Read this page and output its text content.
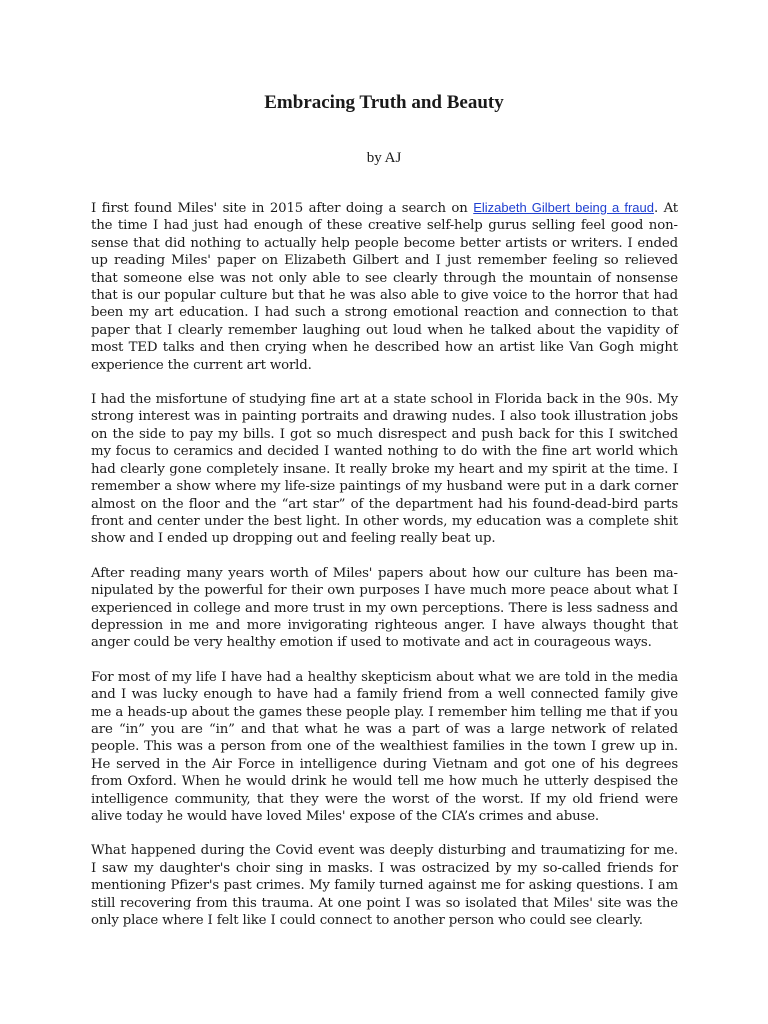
Embracing Truth and Beauty
by AJ

I first found Miles' site in 2015 after doing a search on Elizabeth Gilbert being a fraud. At the time I had just had enough of these creative self-help gurus selling feel good nonsense that did nothing to actually help people become better artists or writers. I ended up reading Miles' paper on Elizabeth Gilbert and I just remember feeling so relieved that someone else was not only able to see clearly through the mountain of nonsense that is our popular culture but that he was also able to give voice to the horror that had been my art education. I had such a strong emotional reaction and connection to that paper that I clearly remember laughing out loud when he talked about the vapidity of most TED talks and then crying when he described how an artist like Van Gogh might experience the current art world.

I had the misfortune of studying fine art at a state school in Florida back in the 90s. My strong interest was in painting portraits and drawing nudes. I also took illustration jobs on the side to pay my bills. I got so much disrespect and push back for this I switched my focus to ceramics and decided I wanted nothing to do with the fine art world which had clearly gone completely insane. It really broke my heart and my spirit at the time. I remember a show where my life-size paintings of my husband were put in a dark corner almost on the floor and the “art star” of the department had his found-dead-bird parts front and center under the best light. In other words, my education was a complete shit show and I ended up dropping out and feeling really beat up.

After reading many years worth of Miles' papers about how our culture has been manipulated by the powerful for their own purposes I have much more peace about what I experienced in college and more trust in my own perceptions. There is less sadness and depression in me and more invigorating righteous anger. I have always thought that anger could be very healthy emotion if used to motivate and act in courageous ways.

For most of my life I have had a healthy skepticism about what we are told in the media and I was lucky enough to have had a family friend from a well connected family give me a heads-up about the games these people play. I remember him telling me that if you are “in” you are “in” and that what he was a part of was a large network of related people. This was a person from one of the wealthiest families in the town I grew up in. He served in the Air Force in intelligence during Vietnam and got one of his degrees from Oxford. When he would drink he would tell me how much he utterly despised the intelligence community, that they were the worst of the worst. If my old friend were alive today he would have loved Miles' expose of the CIA’s crimes and abuse.

What happened during the Covid event was deeply disturbing and traumatizing for me. I saw my daughter's choir sing in masks. I was ostracized by my so-called friends for mentioning Pfizer's past crimes. My family turned against me for asking questions. I am still recovering from this trauma. At one point I was so isolated that Miles' site was the only place where I felt like I could connect to another person who could see clearly.
